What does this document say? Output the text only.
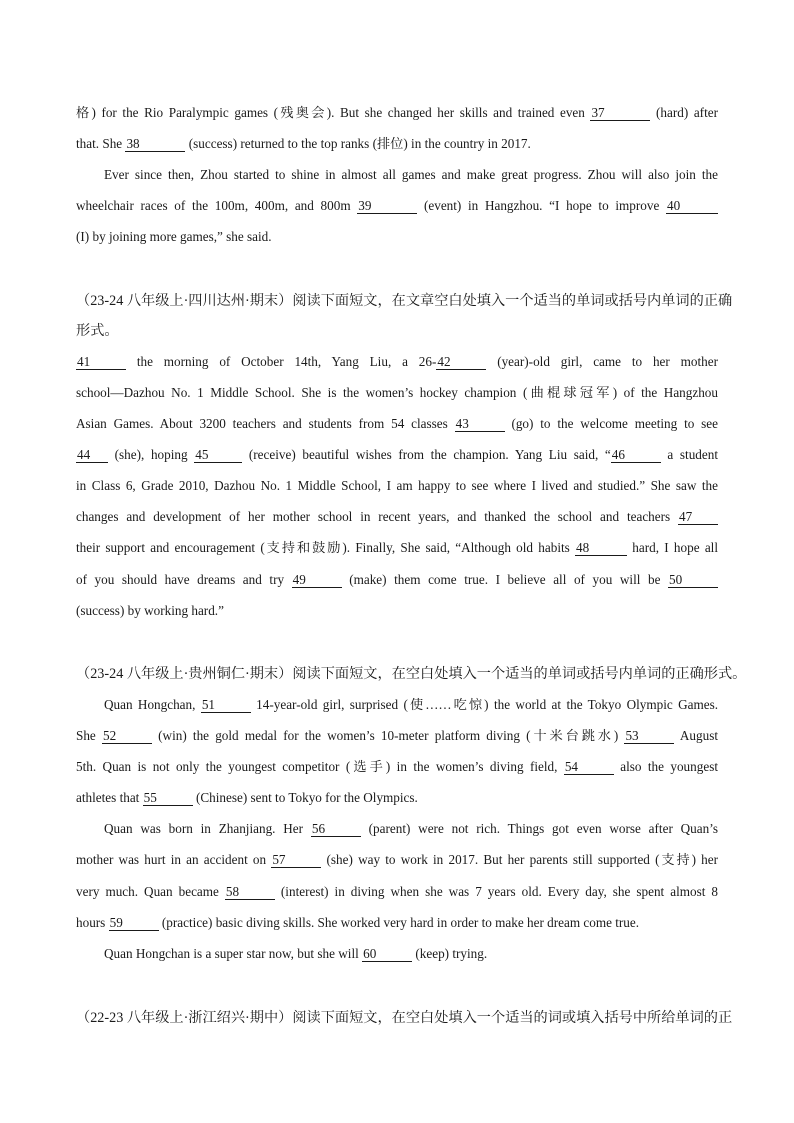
格) for the Rio Paralympic games (残奥会). But she changed her skills and trained even 37	(hard) after
that. She 38	(success) returned to the top ranks (排位) in the country in 2017.
Ever since then, Zhou started to shine in almost all games and make great progress. Zhou will also join the
wheelchair races of the 100m, 400m, and 800m 39	(event) in Hangzhou. “I hope to improve 40
(I) by joining more games,” she said.
（23-24 八年级上·四川达州·期末）阅读下面短文，在文章空白处填入一个适当的单词或括号内单词的正确
形式。
41	the morning of October 14th, Yang Liu, a 26-42	(year)-old girl, came to her mother
school—Dazhou No. 1 Middle School. She is the women’s hockey champion (曲棍球冠军) of the Hangzhou
Asian Games. About 3200 teachers and students from 54 classes 43	(go) to the welcome meeting to see
44 (she), hoping 45	(receive) beautiful wishes from the champion. Yang Liu said, “46	a student
in Class 6, Grade 2010, Dazhou No. 1 Middle School, I am happy to see where I lived and studied.” She saw the
changes and development of her mother school in recent years, and thanked the school and teachers 47
their support and encouragement (支持和鼓励). Finally, She said, “Although old habits 48	hard, I hope all
of you should have dreams and try 49	(make) them come true. I believe all of you will be 50
(success) by working hard.”
（23-24 八年级上·贵州铜仁·期末）阅读下面短文，在空白处填入一个适当的单词或括号内单词的正确形式。
Quan Hongchan, 51	14-year-old girl, surprised (使……吃惊) the world at the Tokyo Olympic Games.
She 52	(win) the gold medal for the women’s 10-meter platform diving (十米台跳水) 53	August
5th. Quan is not only the youngest competitor (选手) in the women’s diving field, 54	also the youngest
athletes that 55	(Chinese) sent to Tokyo for the Olympics.
Quan was born in Zhanjiang. Her 56	(parent) were not rich. Things got even worse after Quan’s
mother was hurt in an accident on 57	(she) way to work in 2017. But her parents still supported (支持) her
very much. Quan became 58	(interest) in diving when she was 7 years old. Every day, she spent almost 8
hours 59	(practice) basic diving skills. She worked very hard in order to make her dream come true.
Quan Hongchan is a super star now, but she will 60	(keep) trying.
（22-23 八年级上·浙江绍兴·期中）阅读下面短文，在空白处填入一个适当的词或填入括号中所给单词的正
